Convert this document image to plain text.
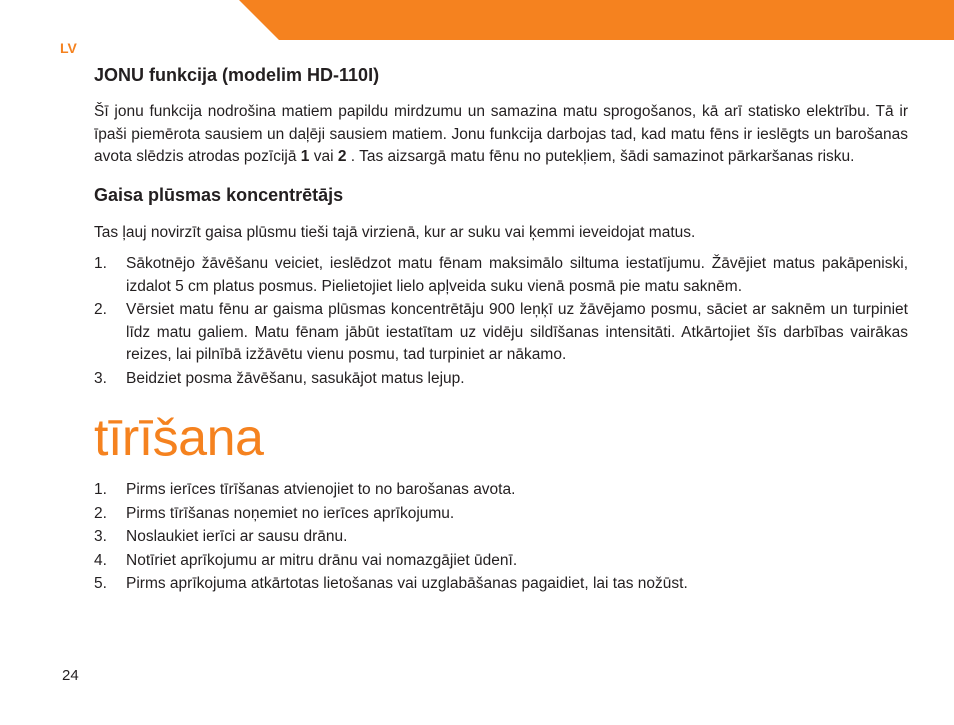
LV
JONU funkcija (modelim HD-110I)

Šī jonu funkcija nodrošina matiem papildu mirdzumu un samazina matu sprogošanos, kā arī statisko elektrību. Tā ir īpaši piemērota sausiem un daļēji sausiem matiem. Jonu funkcija darbojas tad, kad matu fēns ir ieslēgts un barošanas avota slēdzis atrodas pozīcijā 1 vai 2 . Tas aizsargā matu fēnu no putekļiem, šādi samazinot pārkaršanas risku.

Gaisa plūsmas koncentrētājs

Tas ļauj novirzīt gaisa plūsmu tieši tajā virzienā, kur ar suku vai ķemmi ieveidojat matus.

1. Sākotnējo žāvēšanu veiciet, ieslēdzot matu fēnam maksimālo siltuma iestatījumu. Žāvējiet matus pakāpeniski, izdalot 5 cm platus posmus. Pielietojiet lielo apļveida suku vienā posmā pie matu saknēm.
2. Vērsiet matu fēnu ar gaisma plūsmas koncentrētāju 900 leņķī uz žāvējamo posmu, sāciet ar saknēm un turpiniet līdz matu galiem. Matu fēnam jābūt iestatītam uz vidēju sildīšanas intensitāti. Atkārtojiet šīs darbības vairākas reizes, lai pilnībā izžāvētu vienu posmu, tad turpiniet ar nākamo.
3. Beidziet posma žāvēšanu, sasukājot matus lejup.
tīrīšana
1. Pirms ierīces tīrīšanas atvienojiet to no barošanas avota.
2. Pirms tīrīšanas noņemiet no ierīces aprīkojumu.
3. Noslaukiet ierīci ar sausu drānu.
4. Notīriet aprīkojumu ar mitru drānu vai nomazgājiet ūdenī.
5. Pirms aprīkojuma atkārtotas lietošanas vai uzglabāšanas pagaidiet, lai tas nožūst.
24
